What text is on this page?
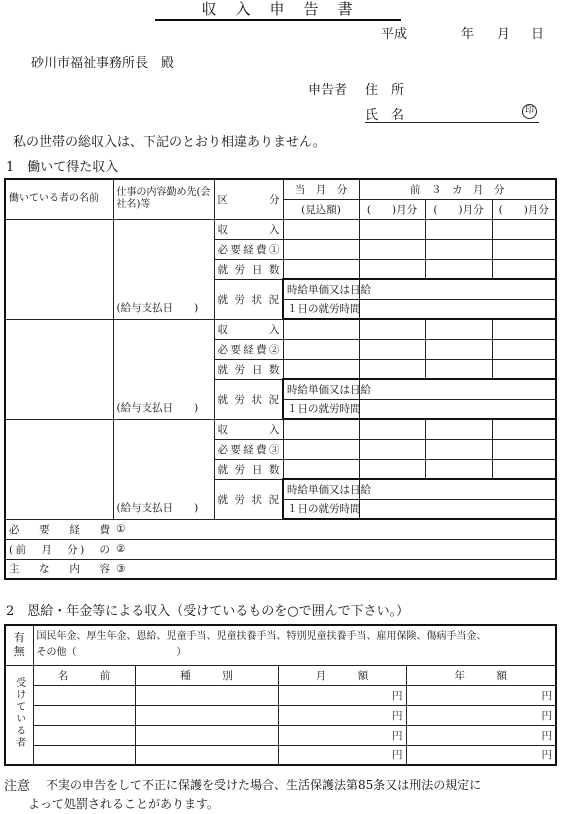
収　入　申　告　書
平成	年 月 日
砂川市福祉事務所長　殿
申告者 住　所
氏　名	印
私の世帯の総収入は、下記のとおり相違ありません。
1　働いて得た収入
働いている者の名前	仕事の内容勤め先(会社名)等	区　分	当　月　分	前　３　カ　月　分		
			(見込額)	(　　)月分	(　　)月分	(　　)月分
	(給与支払日　　)	収　　入				
		必要経費①				
		就労日数				
		就労状況	時給単価又は日給			
			１日の就労時間			
	(給与支払日　　)	収　　入				
		必要経費②				
		就労日数				
		就労状況	時給単価又は日給			
			１日の就労時間			
	(給与支払日　　)	収　　入				
		必要経費③				
		就労日数				
		就労状況	時給単価又は日給			
			１日の就労時間			
必　要　経　費	①					
(前　月　分)　の	②					
主　な　内　容	③					
2　恩給・年金等による収入（受けているものを○で囲んで下さい。）
有無	国民年金、厚生年金、恩給、児童手当、児童扶養手当、特別児童扶養手当、雇用保険、傷病手当金、
その他（　　　　　　　　　　）			

受けている者	名　　　前	種　　　別	月　　　額	年　　　額
			円	円
			円	円
			円	円
			円	円
注意 不実の申告をして不正に保護を受けた場合、生活保護法第85条又は刑法の規定に
よって処罰されることがあります。
